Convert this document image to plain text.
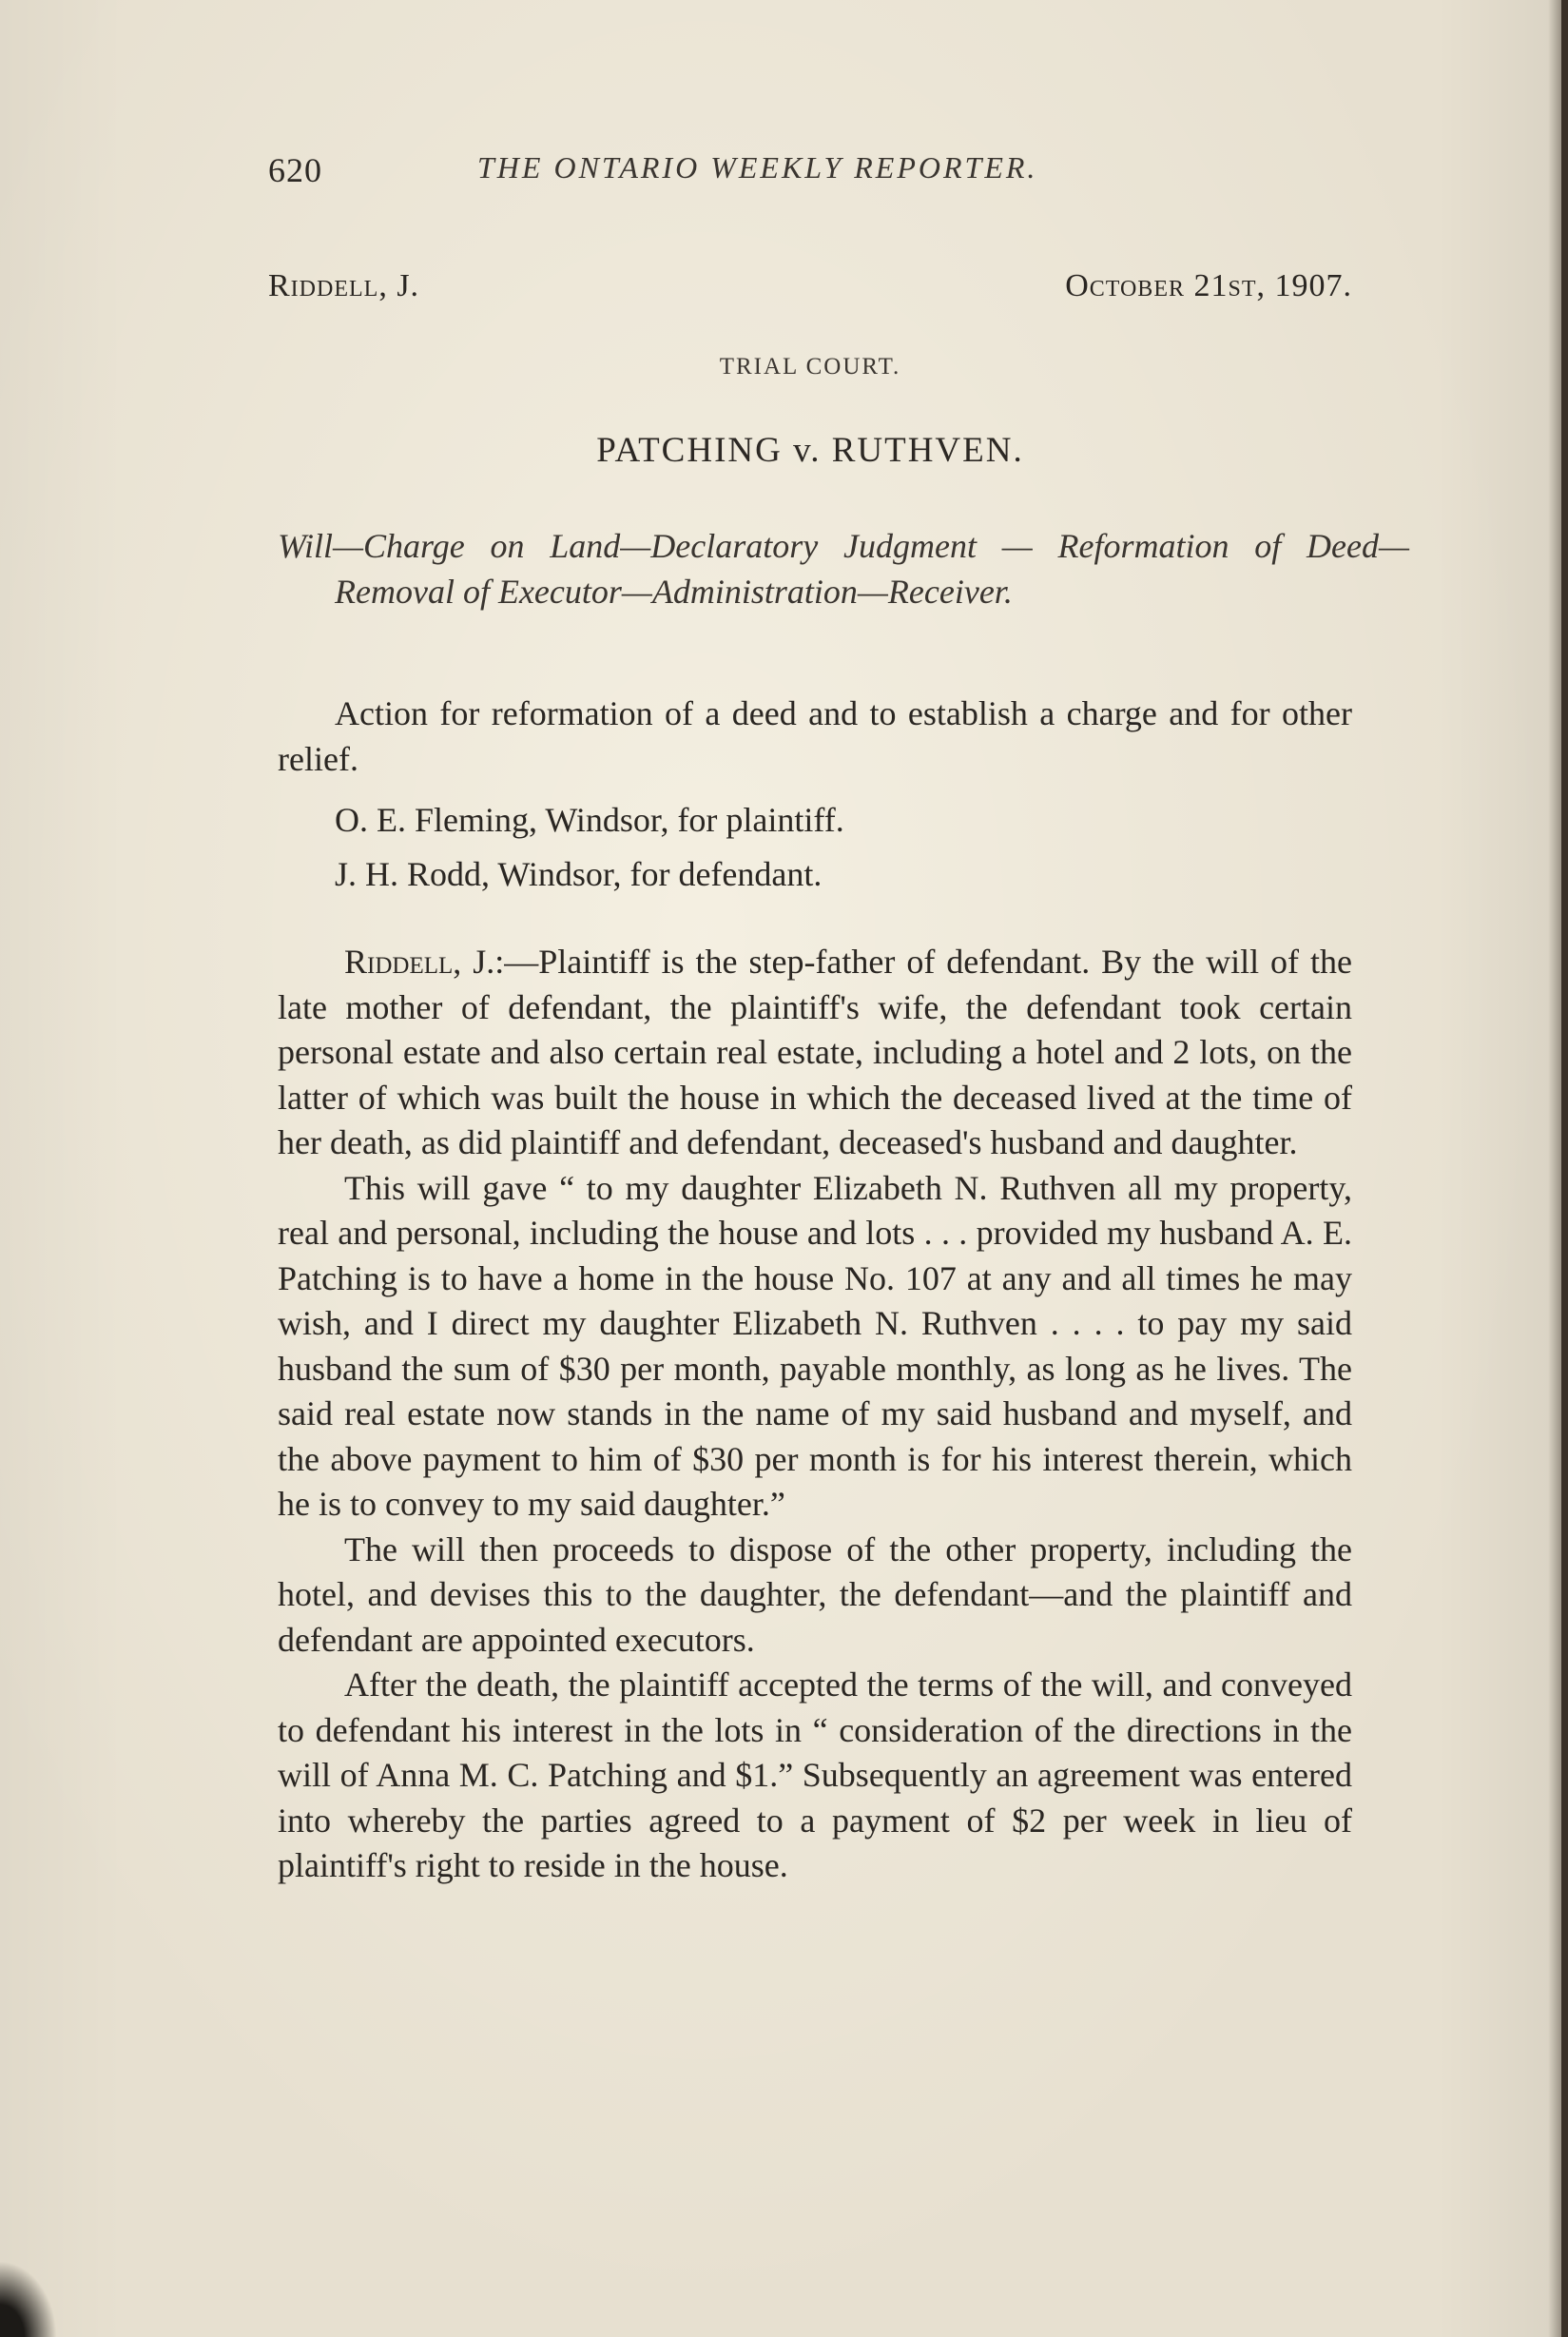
620	THE ONTARIO WEEKLY REPORTER.
Riddell, J.	October 21st, 1907.
TRIAL COURT.
PATCHING v. RUTHVEN.
Will—Charge on Land—Declaratory Judgment — Reformation of Deed—Removal of Executor—Administration—Receiver.
Action for reformation of a deed and to establish a charge and for other relief.
O. E. Fleming, Windsor, for plaintiff.
J. H. Rodd, Windsor, for defendant.

Riddell, J.:—Plaintiff is the step-father of defendant. By the will of the late mother of defendant, the plaintiff's wife, the defendant took certain personal estate and also certain real estate, including a hotel and 2 lots, on the latter of which was built the house in which the deceased lived at the time of her death, as did plaintiff and defendant, deceased's husband and daughter.

This will gave “ to my daughter Elizabeth N. Ruthven all my property, real and personal, including the house and lots . . . provided my husband A. E. Patching is to have a home in the house No. 107 at any and all times he may wish, and I direct my daughter Elizabeth N. Ruthven . . . . to pay my said husband the sum of $30 per month, payable monthly, as long as he lives. The said real estate now stands in the name of my said husband and myself, and the above payment to him of $30 per month is for his interest therein, which he is to convey to my said daughter.”

The will then proceeds to dispose of the other property, including the hotel, and devises this to the daughter, the defendant—and the plaintiff and defendant are appointed executors.

After the death, the plaintiff accepted the terms of the will, and conveyed to defendant his interest in the lots in “ consideration of the directions in the will of Anna M. C. Patching and $1.” Subsequently an agreement was entered into whereby the parties agreed to a payment of $2 per week in lieu of plaintiff's right to reside in the house.
